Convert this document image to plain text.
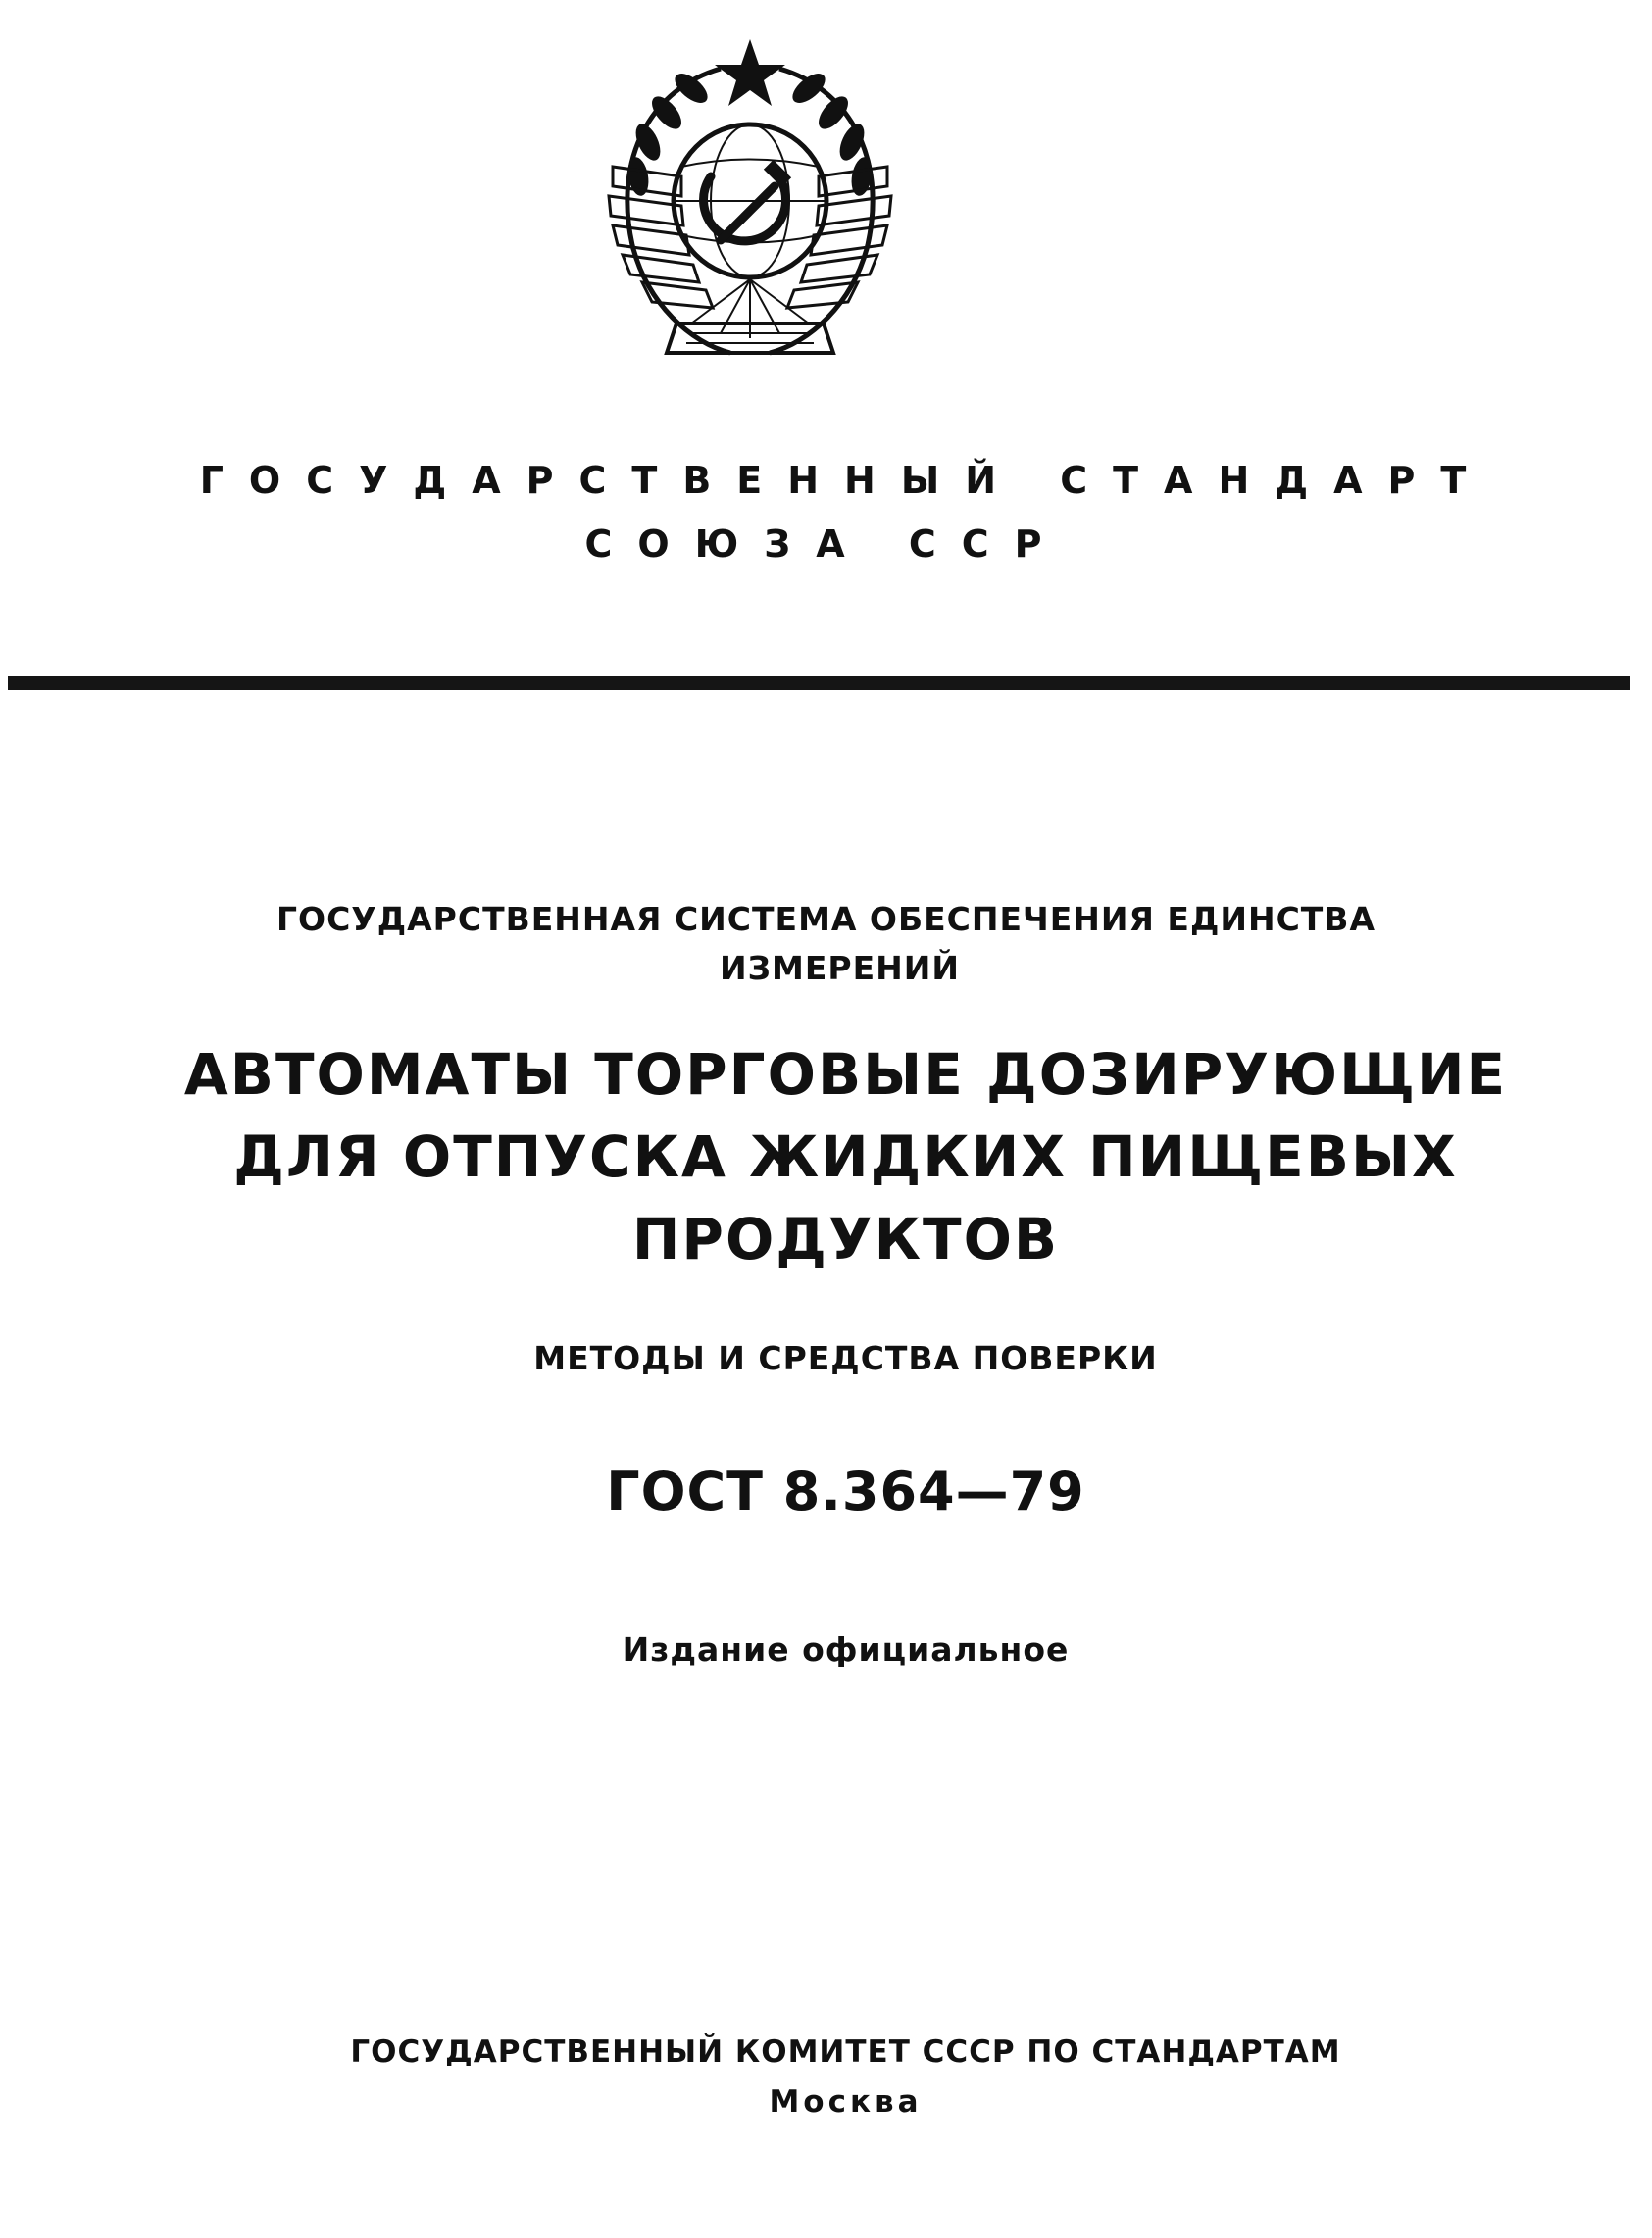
ГОСУДАРСТВЕННЫЙ СТАНДАРТ
СОЮЗА ССР
ГОСУДАРСТВЕННАЯ СИСТЕМА ОБЕСПЕЧЕНИЯ ЕДИНСТВА
ИЗМЕРЕНИЙ
АВТОМАТЫ ТОРГОВЫЕ ДОЗИРУЮЩИЕ
ДЛЯ ОТПУСКА ЖИДКИХ ПИЩЕВЫХ
ПРОДУКТОВ
МЕТОДЫ И СРЕДСТВА ПОВЕРКИ
ГОСТ 8.364—79
Издание официальное
ГОСУДАРСТВЕННЫЙ КОМИТЕТ СССР ПО СТАНДАРТАМ
Москва
